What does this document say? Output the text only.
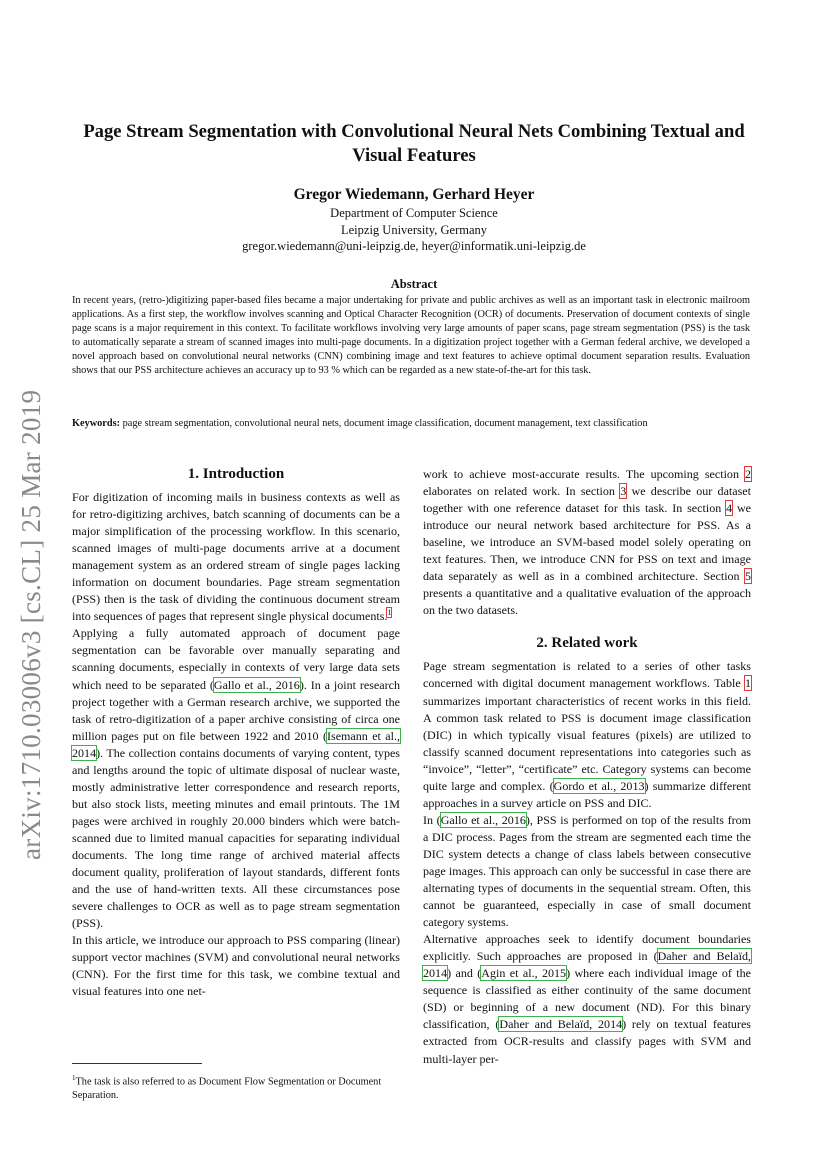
arXiv:1710.03006v3 [cs.CL] 25 Mar 2019
Page Stream Segmentation with Convolutional Neural Nets Combining Textual and Visual Features
Gregor Wiedemann, Gerhard Heyer
Department of Computer Science
Leipzig University, Germany
gregor.wiedemann@uni-leipzig.de, heyer@informatik.uni-leipzig.de
Abstract
In recent years, (retro-)digitizing paper-based files became a major undertaking for private and public archives as well as an important task in electronic mailroom applications. As a first step, the workflow involves scanning and Optical Character Recognition (OCR) of documents. Preservation of document contexts of single page scans is a major requirement in this context. To facilitate workflows involving very large amounts of paper scans, page stream segmentation (PSS) is the task to automatically separate a stream of scanned images into multi-page documents. In a digitization project together with a German federal archive, we developed a novel approach based on convolutional neural networks (CNN) combining image and text features to achieve optimal document separation results. Evaluation shows that our PSS architecture achieves an accuracy up to 93 % which can be regarded as a new state-of-the-art for this task.
Keywords: page stream segmentation, convolutional neural nets, document image classification, document management, text classification
1. Introduction

For digitization of incoming mails in business contexts as well as for retro-digitizing archives, batch scanning of documents can be a major simplification of the processing workflow. In this scenario, scanned images of multi-page documents arrive at a document management system as an ordered stream of single pages lacking information on document boundaries. Page stream segmentation (PSS) then is the task of dividing the continuous document stream into sequences of pages that represent single physical documents.$^1$

Applying a fully automated approach of document page segmentation can be favorable over manually separating and scanning documents, especially in contexts of very large data sets which need to be separated (Gallo et al., 2016). In a joint research project together with a German research archive, we supported the task of retro-digitization of a paper archive consisting of circa one million pages put on file between 1922 and 2010 (Isemann et al., 2014). The collection contains documents of varying content, types and lengths around the topic of ultimate disposal of nuclear waste, mostly administrative letter correspondence and research reports, but also stock lists, meeting minutes and email printouts. The 1M pages were archived in roughly 20.000 binders which were batch-scanned due to limited manual capacities for separating individual documents. The long time range of archived material affects document quality, proliferation of layout standards, different fonts and the use of hand-written texts. All these circumstances pose severe challenges to OCR as well as to page stream segmentation (PSS).

In this article, we introduce our approach to PSS comparing (linear) support vector machines (SVM) and convolutional neural networks (CNN). For the first time for this task, we combine textual and visual features into one net-

work to achieve most-accurate results. The upcoming section 2 elaborates on related work. In section 3 we describe our dataset together with one reference dataset for this task. In section 4 we introduce our neural network based architecture for PSS. As a baseline, we introduce an SVM-based model solely operating on text features. Then, we introduce CNN for PSS on text and image data separately as well as in a combined architecture. Section 5 presents a quantitative and a qualitative evaluation of the approach on the two datasets.

2. Related work

Page stream segmentation is related to a series of other tasks concerned with digital document management workflows. Table 1 summarizes important characteristics of recent works in this field. A common task related to PSS is document image classification (DIC) in which typically visual features (pixels) are utilized to classify scanned document representations into categories such as “invoice”, “letter”, “certificate” etc. Category systems can become quite large and complex. (Gordo et al., 2013) summarize different approaches in a survey article on PSS and DIC.

In (Gallo et al., 2016), PSS is performed on top of the results from a DIC process. Pages from the stream are segmented each time the DIC system detects a change of class labels between consecutive page images. This approach can only be successful in case there are alternating types of documents in the sequential stream. Often, this cannot be guaranteed, especially in case of small document category systems.

Alternative approaches seek to identify document boundaries explicitly. Such approaches are proposed in (Daher and Belaïd, 2014) and (Agin et al., 2015) where each individual image of the sequence is classified as either continuity of the same document (SD) or beginning of a new document (ND). For this binary classification, (Daher and Belaïd, 2014) rely on textual features extracted from OCR-results and classify pages with SVM and multi-layer per-

$^1$The task is also referred to as Document Flow Segmentation or Document Separation.
